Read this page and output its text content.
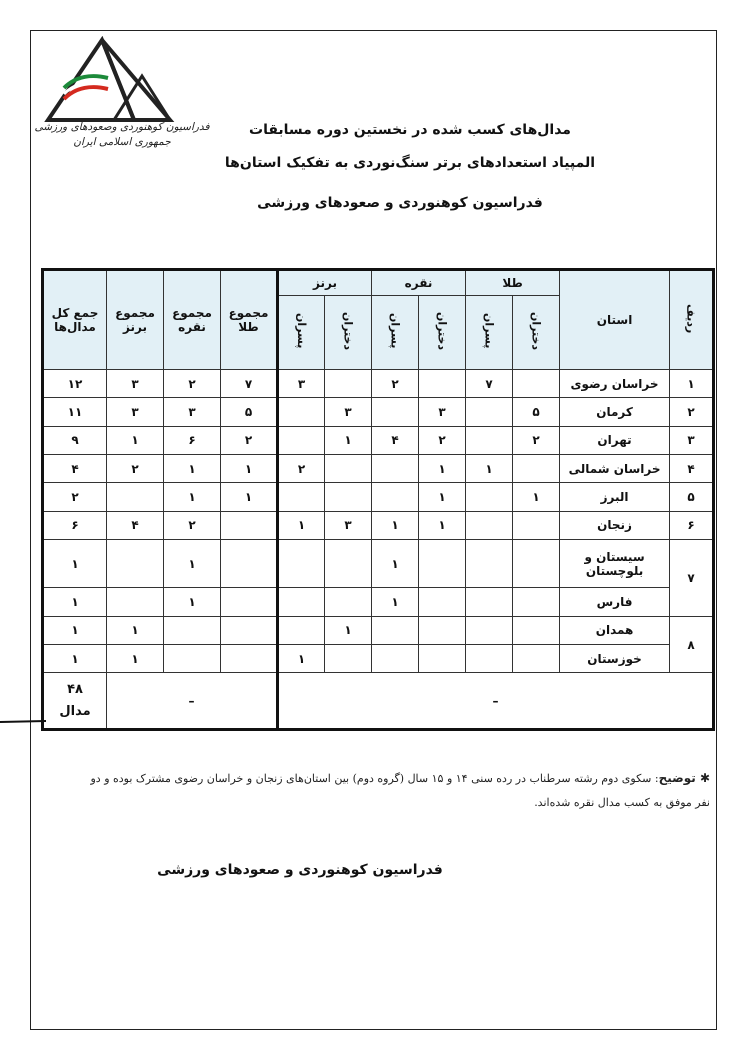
فدراسیون کوهنوردی وصعودهای ورزشی
جمهوری اسلامی ایران
مدال‌های کسب شده در نخستین دوره مسابقات
المپیاد استعدادهای برتر سنگ‌نوردی به تفکیک استان‌ها
فدراسیون کوهنوردی و صعودهای ورزشی
ردیف	استان	طلا		نقره		برنز		مجموع طلا	مجموع نقره	مجموع برنز	جمع کل مدال‌ها
		دختران	پسران	دختران	پسران	دختران	پسران				
۱	خراسان رضوی		۷		۲		۳	۷	۲	۳	۱۲
۲	کرمان	۵		۳		۳		۵	۳	۳	۱۱
۳	تهران	۲		۲	۴	۱		۲	۶	۱	۹
۴	خراسان شمالی		۱	۱			۲	۱	۱	۲	۴
۵	البرز	۱		۱				۱	۱		۲
۶	زنجان			۱	۱	۳	۱		۲	۴	۶
۷	سیستان و بلوچستان				۱				۱		۱
	فارس				۱				۱		۱
۸	همدان					۱				۱	۱
	خوزستان						۱			۱	۱
–								–			۴۸
مدال
✱ توضیح: سکوی دوم رشته سرطناب در رده سنی ۱۴ و ۱۵ سال (گروه دوم) بین استان‌های زنجان و خراسان رضوی مشترک بوده و دو نفر موفق به کسب مدال نقره شده‌اند.
فدراسیون کوهنوردی و صعودهای ورزشی
